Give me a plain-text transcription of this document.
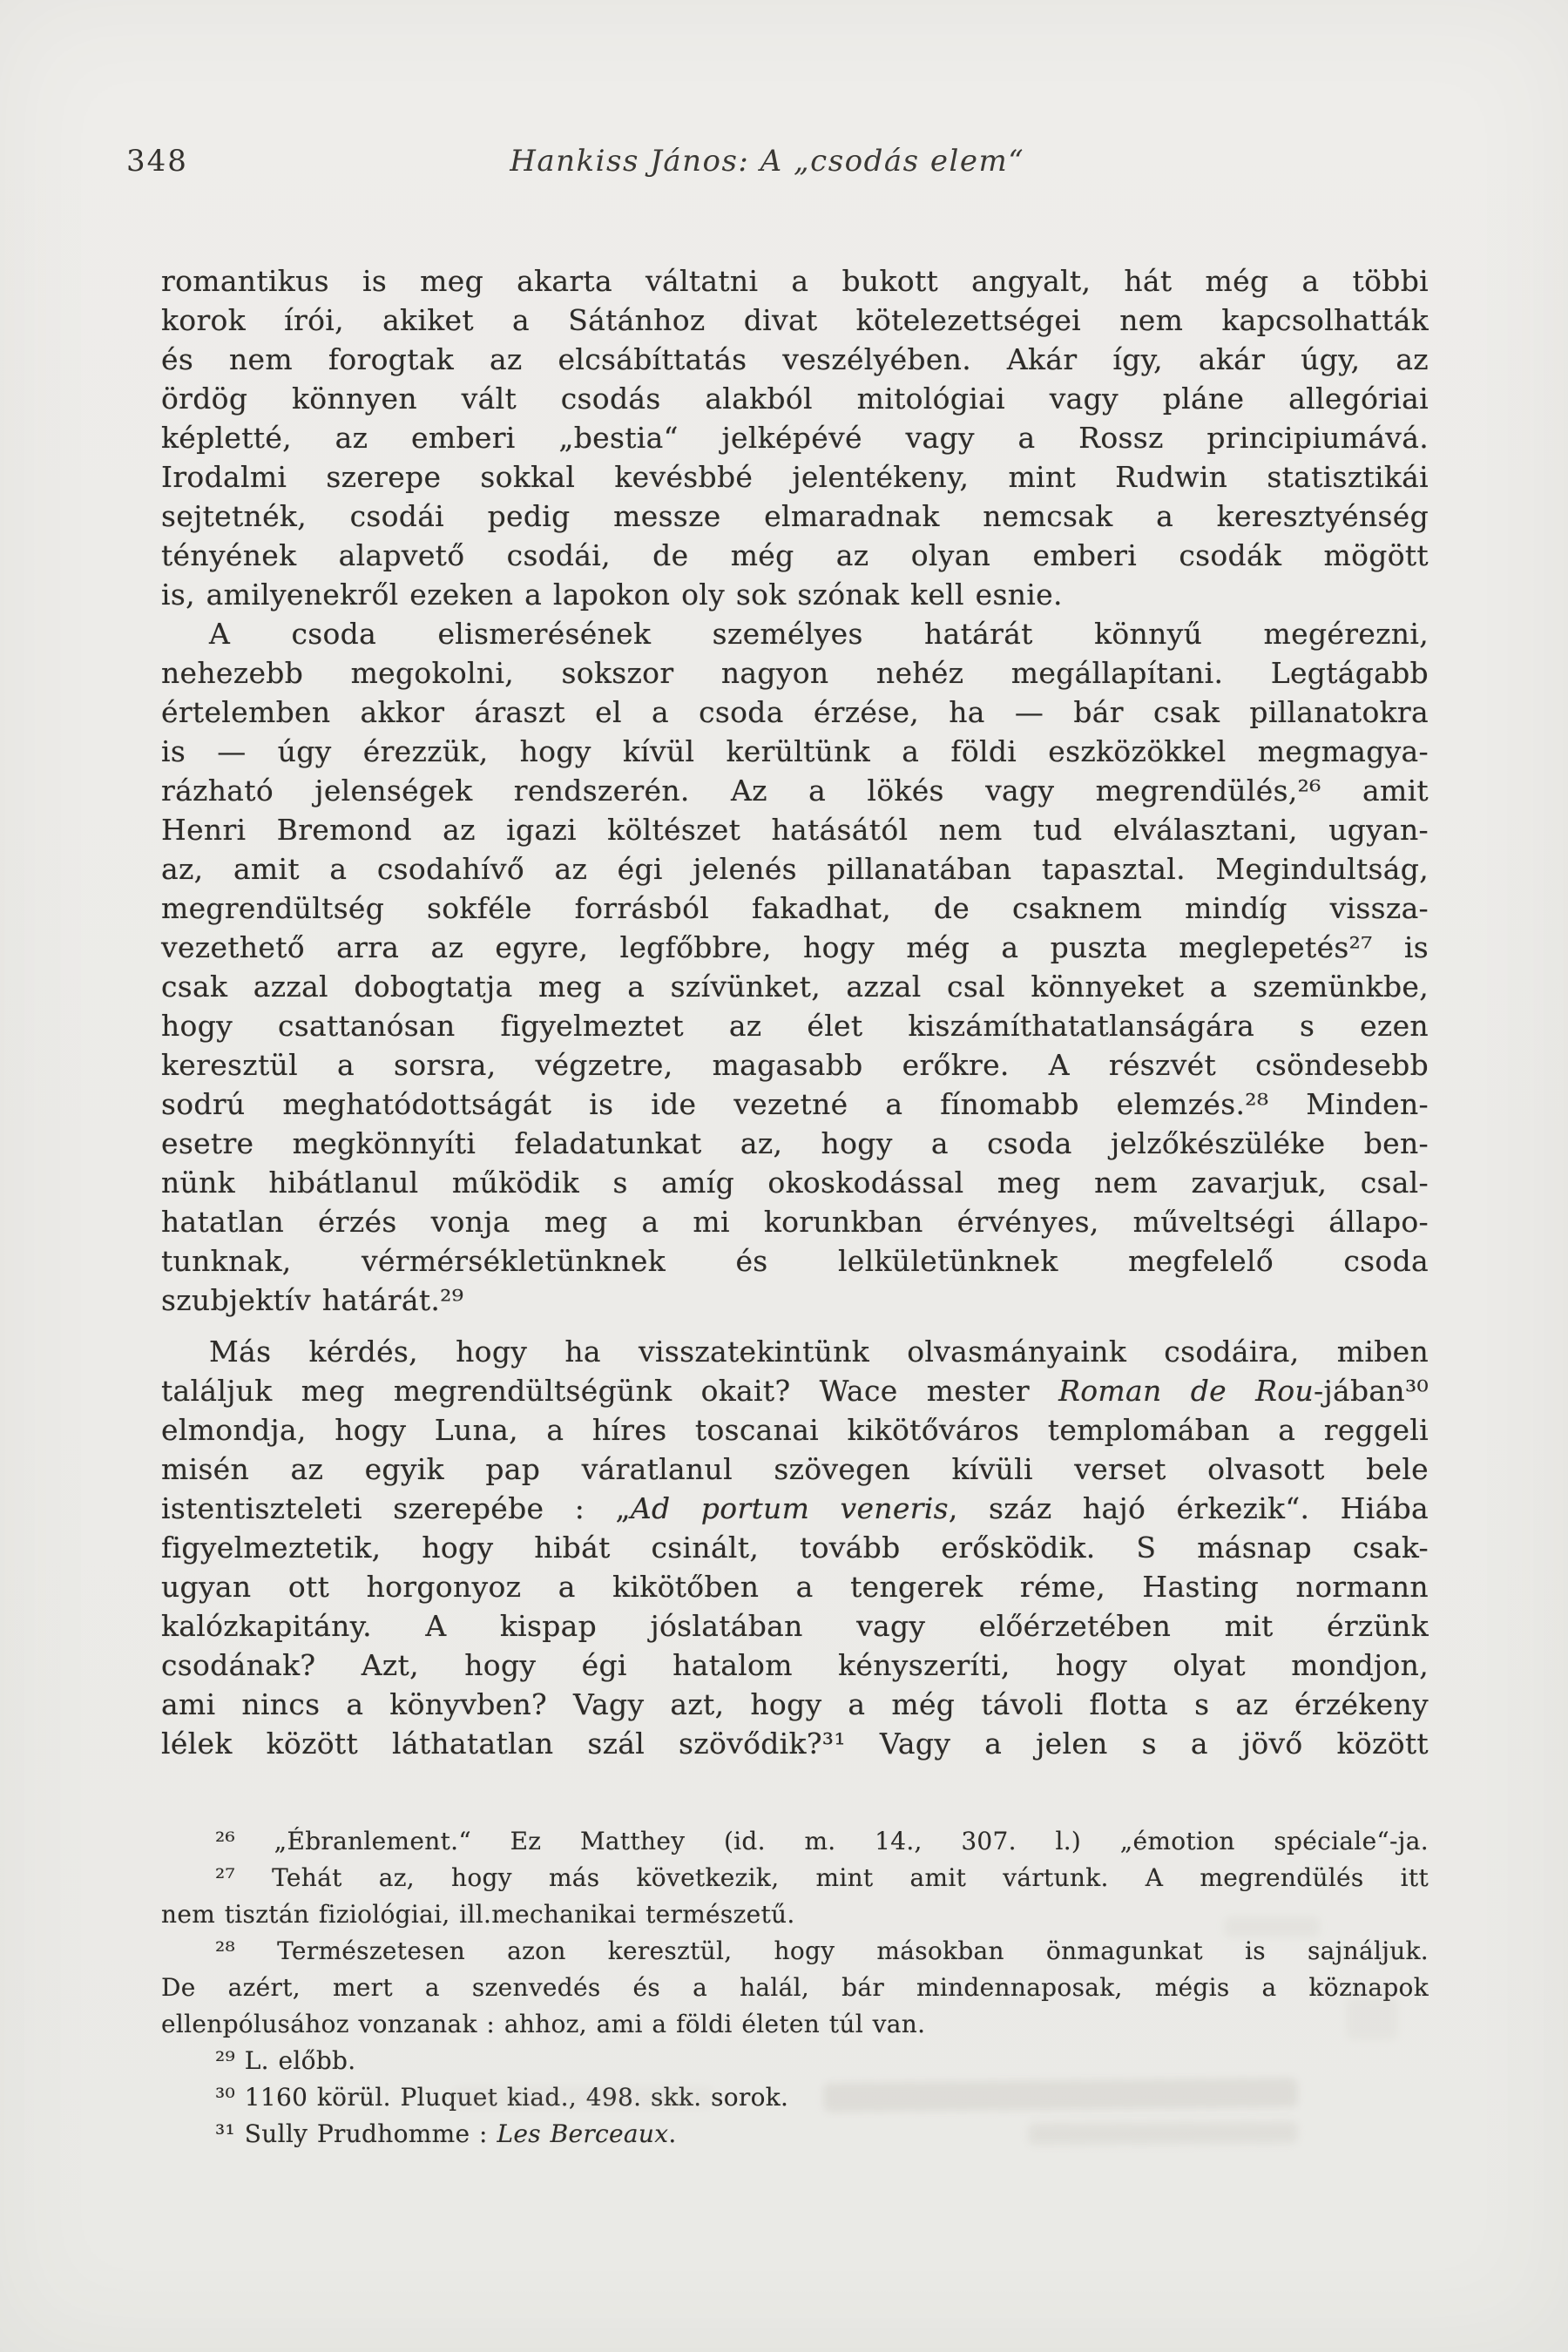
348	Hankiss János: A „csodás elem“
romantikus is meg akarta váltatni a bukott angyalt, hát még a többi
korok írói, akiket a Sátánhoz divat kötelezettségei nem kapcsolhatták
és nem forogtak az elcsábíttatás veszélyében. Akár így, akár úgy, az
ördög könnyen vált csodás alakból mitológiai vagy pláne allegóriai
képletté, az emberi „bestia“ jelképévé vagy a Rossz principiumává.
Irodalmi szerepe sokkal kevésbbé jelentékeny, mint Rudwin statisztikái
sejtetnék, csodái pedig messze elmaradnak nemcsak a keresztyénség
tényének alapvető csodái, de még az olyan emberi csodák mögött
is, amilyenekről ezeken a lapokon oly sok szónak kell esnie.
A csoda elismerésének személyes határát könnyű megérezni,
nehezebb megokolni, sokszor nagyon nehéz megállapítani. Legtágabb
értelemben akkor áraszt el a csoda érzése, ha — bár csak pillanatokra
is — úgy érezzük, hogy kívül kerültünk a földi eszközökkel megmagya-
rázható jelenségek rendszerén. Az a lökés vagy megrendülés,²⁶ amit
Henri Bremond az igazi költészet hatásától nem tud elválasztani, ugyan-
az, amit a csodahívő az égi jelenés pillanatában tapasztal. Megindultság,
megrendültség sokféle forrásból fakadhat, de csaknem mindíg vissza-
vezethető arra az egyre, legfőbbre, hogy még a puszta meglepetés²⁷ is
csak azzal dobogtatja meg a szívünket, azzal csal könnyeket a szemünkbe,
hogy csattanósan figyelmeztet az élet kiszámíthatatlanságára s ezen
keresztül a sorsra, végzetre, magasabb erőkre. A részvét csöndesebb
sodrú meghatódottságát is ide vezetné a fínomabb elemzés.²⁸ Minden-
esetre megkönnyíti feladatunkat az, hogy a csoda jelzőkészüléke ben-
nünk hibátlanul működik s amíg okoskodással meg nem zavarjuk, csal-
hatatlan érzés vonja meg a mi korunkban érvényes, műveltségi állapo-
tunknak, vérmérsékletünknek és lelkületünknek megfelelő csoda
szubjektív határát.²⁹
Más kérdés, hogy ha visszatekintünk olvasmányaink csodáira, miben
találjuk meg megrendültségünk okait? Wace mester Roman de Rou-jában³⁰
elmondja, hogy Luna, a híres toscanai kikötőváros templomában a reggeli
misén az egyik pap váratlanul szövegen kívüli verset olvasott bele
istentiszteleti szerepébe : „Ad portum veneris, száz hajó érkezik“. Hiába
figyelmeztetik, hogy hibát csinált, tovább erősködik. S másnap csak-
ugyan ott horgonyoz a kikötőben a tengerek réme, Hasting normann
kalózkapitány. A kispap jóslatában vagy előérzetében mit érzünk
csodának? Azt, hogy égi hatalom kényszeríti, hogy olyat mondjon,
ami nincs a könyvben? Vagy azt, hogy a még távoli flotta s az érzékeny
lélek között láthatatlan szál szövődik?³¹ Vagy a jelen s a jövő között
²⁶ „Ébranlement.“ Ez Matthey (id. m. 14., 307. l.) „émotion spéciale“-ja.
²⁷ Tehát az, hogy más következik, mint amit vártunk. A megrendülés itt
nem tisztán fiziológiai, ill.mechanikai természetű.
²⁸ Természetesen azon keresztül, hogy másokban önmagunkat is sajnáljuk.
De azért, mert a szenvedés és a halál, bár mindennaposak, mégis a köznapok
ellenpólusához vonzanak : ahhoz, ami a földi életen túl van.
²⁹ L. előbb.
³⁰ 1160 körül. Pluquet kiad., 498. skk. sorok.
³¹ Sully Prudhomme : Les Berceaux.
